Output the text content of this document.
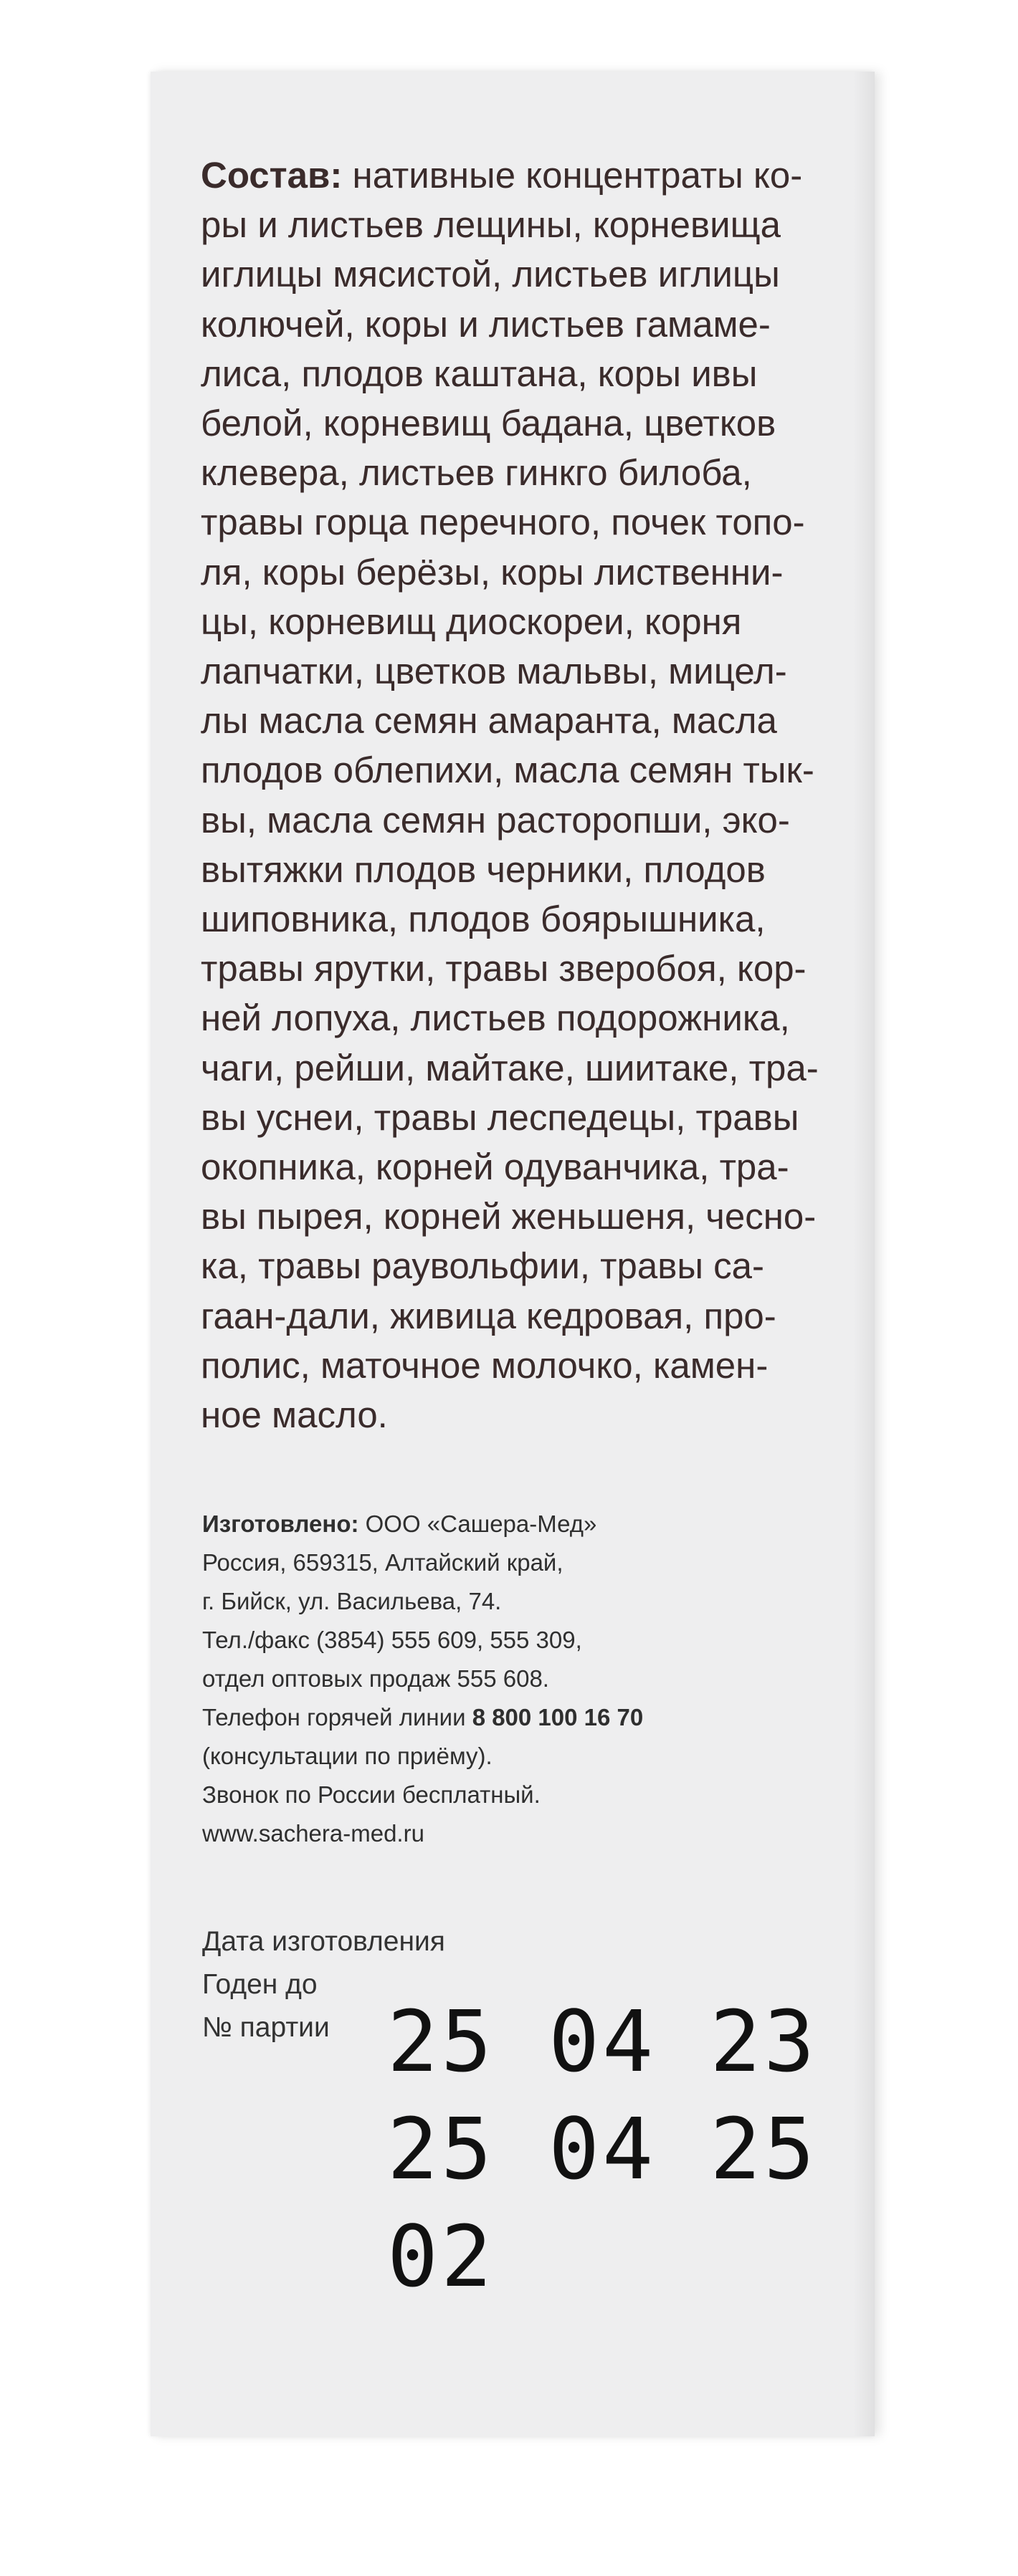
Состав: нативные концентраты ко-
ры и листьев лещины, корневища
иглицы мясистой, листьев иглицы
колючей, коры и листьев гамаме-
лиса, плодов каштана, коры ивы
белой, корневищ бадана, цветков
клевера, листьев гинкго билоба,
травы горца перечного, почек топо-
ля, коры берёзы, коры лиственни-
цы, корневищ диоскореи, корня
лапчатки, цветков мальвы, мицел-
лы масла семян амаранта, масла
плодов облепихи, масла семян тык-
вы, масла семян расторопши, эко-
вытяжки плодов черники, плодов
шиповника, плодов боярышника,
травы ярутки, травы зверобоя, кор-
ней лопуха, листьев подорожника,
чаги, рейши, майтаке, шиитаке, тра-
вы уснеи, травы леспедецы, травы
окопника, корней одуванчика, тра-
вы пырея, корней женьшеня, чесно-
ка, травы раувольфии, травы са-
гаан-дали, живица кедровая, про-
полис, маточное молочко, камен-
ное масло.

Изготовлено: ООО «Сашера-Мед»
Россия, 659315, Алтайский край,
г. Бийск, ул. Васильева, 74.
Тел./факс (3854) 555 609, 555 309,
отдел оптовых продаж 555 608.
Телефон горячей линии 8 800 100 16 70
(консультации по приёму).
Звонок по России бесплатный.
www.sachera-med.ru
Дата изготовления
Годен до
№ партии 25 04 23
25 04 25
02
